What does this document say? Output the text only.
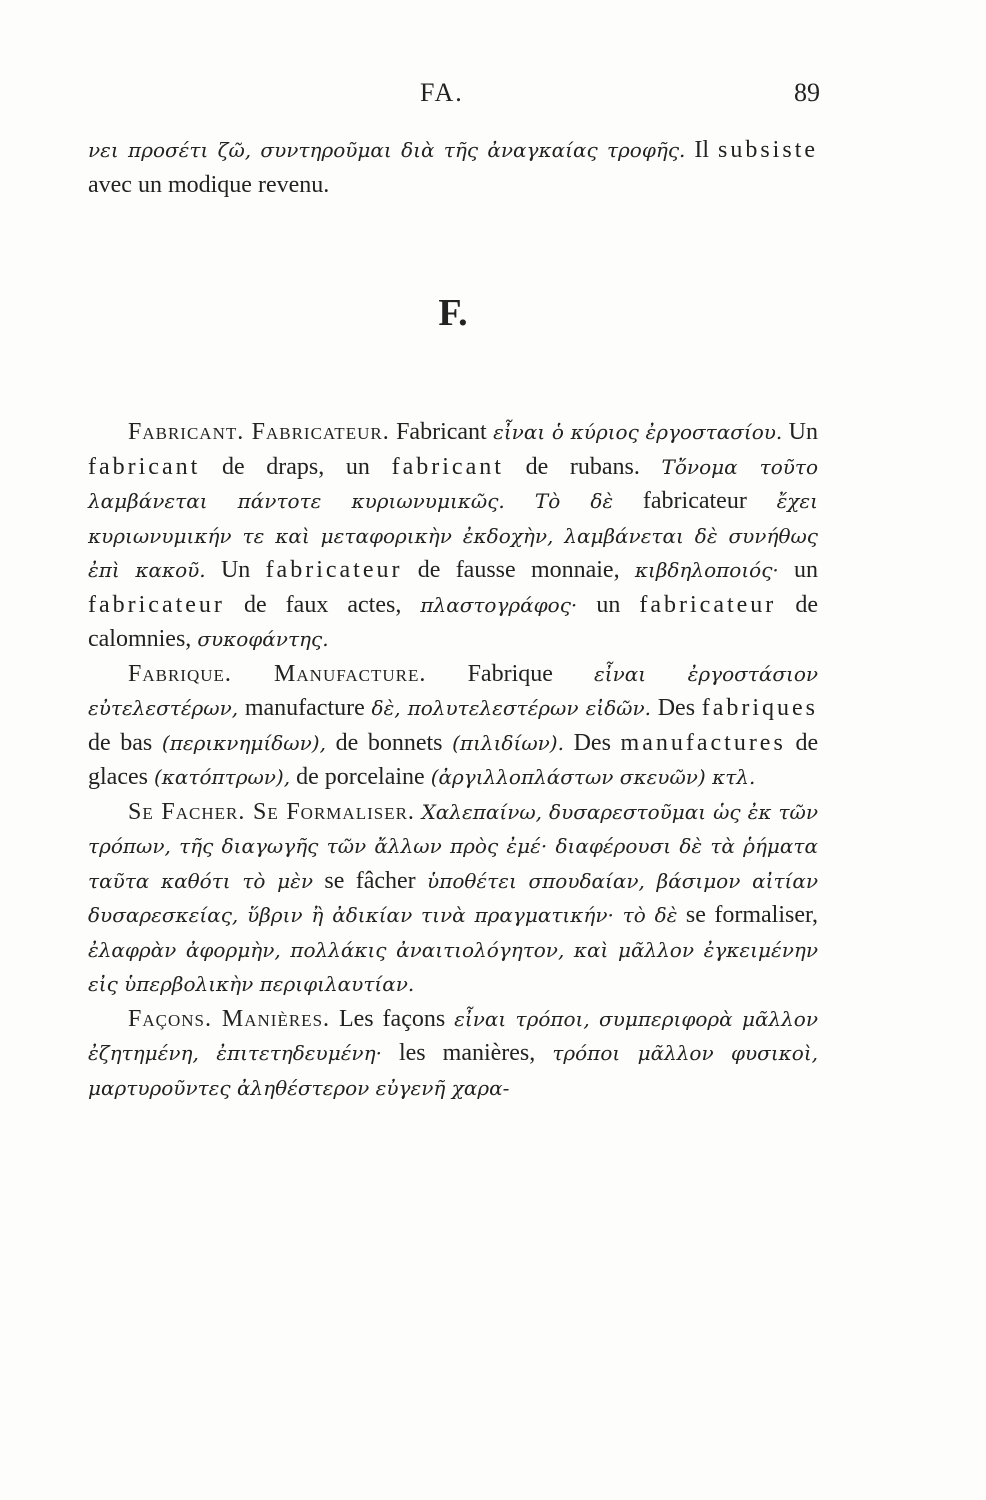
FA.	89

νει προσέτι ζῶ, συντηροῦμαι διὰ τῆς ἀναγκαίας τροφῆς. Il subsiste avec un modique revenu.

F.

Fabricant. Fabricateur. Fabricant εἶναι ὁ κύριος ἐργοστασίου. Un fabricant de draps, un fabricant de rubans. Τὄνομα τοῦτο λαμβάνεται πάντοτε κυριωνυμικῶς. Τὸ δὲ fabricateur ἔχει κυριωνυμικήν τε καὶ μεταφορικὴν ἐκδοχὴν, λαμβάνεται δὲ συνήθως ἐπὶ κακοῦ. Un fabricateur de fausse monnaie, κιβδηλοποιός· un fabricateur de faux actes, πλαστογράφος· un fabricateur de calomnies, συκοφάντης.

Fabrique. Manufacture. Fabrique εἶναι ἐργοστάσιον εὐτελεστέρων, manufacture δὲ, πολυτελεστέρων εἰδῶν. Des fabriques de bas (περικνημίδων), de bonnets (πιλιδίων). Des manufactures de glaces (κατόπτρων), de porcelaine (ἀργιλλοπλάστων σκευῶν) κτλ.

Se Facher. Se Formaliser. Χαλεπαίνω, δυσαρεστοῦμαι ὡς ἐκ τῶν τρόπων, τῆς διαγωγῆς τῶν ἄλλων πρὸς ἐμέ· διαφέρουσι δὲ τὰ ῥήματα ταῦτα καθότι τὸ μὲν se fâcher ὑποθέτει σπουδαίαν, βάσιμον αἰτίαν δυσαρεσκείας, ὕβριν ἢ ἀδικίαν τινὰ πραγματικήν· τὸ δὲ se formaliser, ἐλαφρὰν ἀφορμὴν, πολλάκις ἀναιτιολόγητον, καὶ μᾶλλον ἐγκειμένην εἰς ὑπερβολικὴν περιφιλαυτίαν.

Façons. Manières. Les façons εἶναι τρόποι, συμπεριφορὰ μᾶλλον ἐζητημένη, ἐπιτετηδευμένη· les manières, τρόποι μᾶλλον φυσικοὶ, μαρτυροῦντες ἀληθέστερον εὐγενῆ χαρα-
